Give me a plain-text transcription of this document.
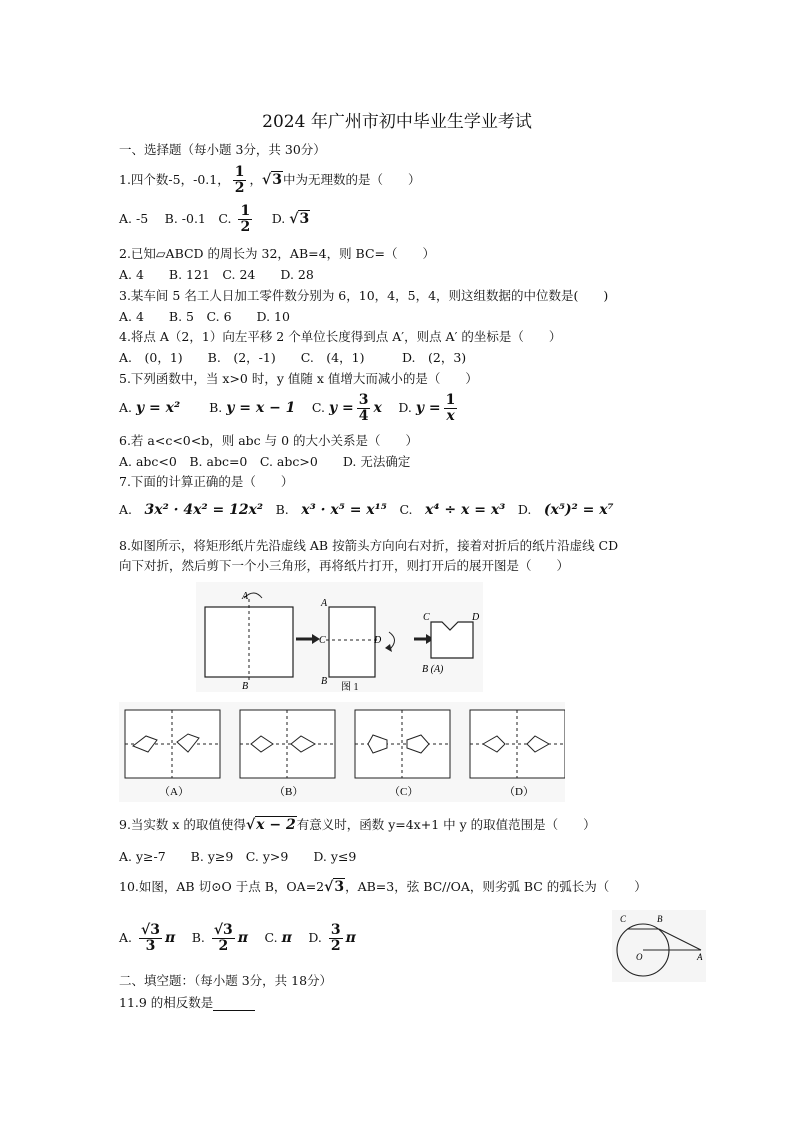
2024 年广州市初中毕业生学业考试
一、选择题（每小题 3分，共 30分）
1.四个数-5，-0.1， $\frac{1}{2}$ ，√3中为无理数的是（　　）
A. -5　 B. -0.1　 C. $\frac{1}{2}$
　 D. √3
2.已知▱ABCD 的周长为 32，AB=4，则 BC=（　　）
A. 4　　B. 121　C. 24　　D. 28
3.某车间 5 名工人日加工零件数分别为 6，10，4，5，4，则这组数据的中位数是(　　)
A. 4　　B. 5　C. 6　　D. 10
4.将点 A（2，1）向左平移 2 个单位长度得到点 A′，则点 A′ 的坐标是（　　）
A.　(0，1)　　B.　(2，-1)　　C.　(4，1)　　　D.　(2，3)
5.下列函数中，当 x>0 时，y 值随 x 值增大而减小的是（　　）
A. y = x²　　 B. y = x − 1　 C. $y = \frac{3}{4}$ x　 D. $y = \frac{1}{x}$
6.若 a<c<0<b，则 abc 与 0 的大小关系是（　　）
A. abc<0　B. abc=0　C. abc>0　　D. 无法确定
7.下面的计算正确的是（　　）
A.　 3x² · 4x² = 12x²　 B.　 x³ · x⁵ = x¹⁵　 C.　 x⁴ ÷ x = x³　 D.　 (x⁵)² = x⁷
8.如图所示，将矩形纸片先沿虚线 AB 按箭头方向向右对折，接着对折后的纸片沿虚线 CD
向下对折，然后剪下一个小三角形，再将纸片打开，则打开后的展开图是（　　）
A
B
A
B
C	D
C	D
B (A)
图 1
（A）	（B）	（C）	（D）
9.当实数 x 的取值使得√x − 2有意义时，函数 y=4x+1 中 y 的取值范围是（　　）
A. y≥-7　　B. y≥9　C. y>9　　D. y≤9
10.如图，AB 切⊙O 于点 B，OA=2√3，AB=3，弦 BC//OA，则劣弧 BC 的弧长为（　　）
A. $\frac{√3}{3}$ π　 B. $\frac{√3}{2}$ π　 C. π　 D. $\frac{3}{2}$ π
C	B
O	A
二、填空题：（每小题 3分，共 18分）
11.9 的相反数是
